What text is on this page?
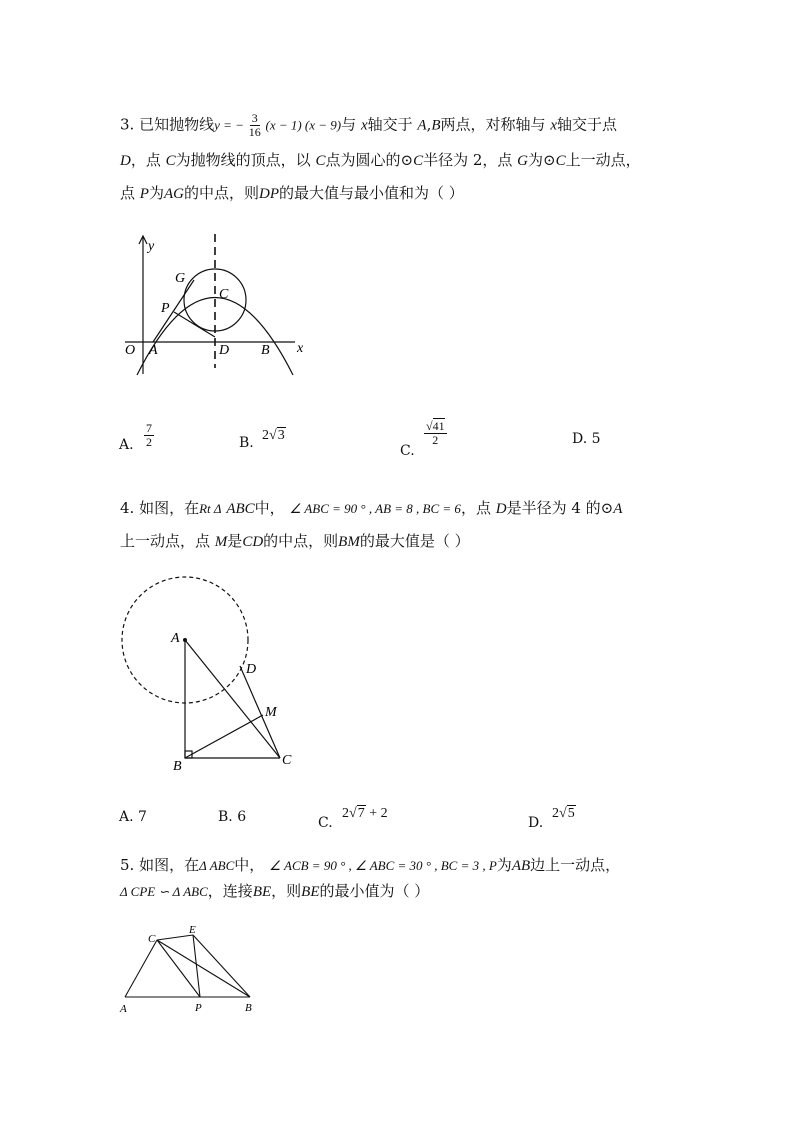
3. 已知抛物线y = − $\frac{3}{16} (x - 1) (x - 9)$与 x轴交于 A,B两点，对称轴与 x轴交于点
D，点 C为抛物线的顶点，以 C点为圆心的⊙C半径为 2，点 G为⊙C上一动点，
点 P为AG的中点，则DP的最大值与最小值和为（ ）
y
x
O A	D B
G
P
C
A. $\frac{7}{2}$	B. 2√3
C.
$\frac{√41}{2}$	D. 5
4. 如图，在Rt Δ ABC中， ∠ ABC = 90 ° , AB = 8 , BC = 6，点 D是半径为 4 的⊙A
上一动点，点 M是CD的中点，则BM的最大值是（ ）
A
B	C
D
M
A. 7	B. 6	C.
2√7 + 2
D.
2√5
5. 如图，在Δ ABC中， ∠ ACB = 90 ° , ∠ ABC = 30 ° , BC = 3 , P为AB边上一动点，
Δ CPE ∽ Δ ABC，连接BE，则BE的最小值为（ ）
A	B
C
E
P
